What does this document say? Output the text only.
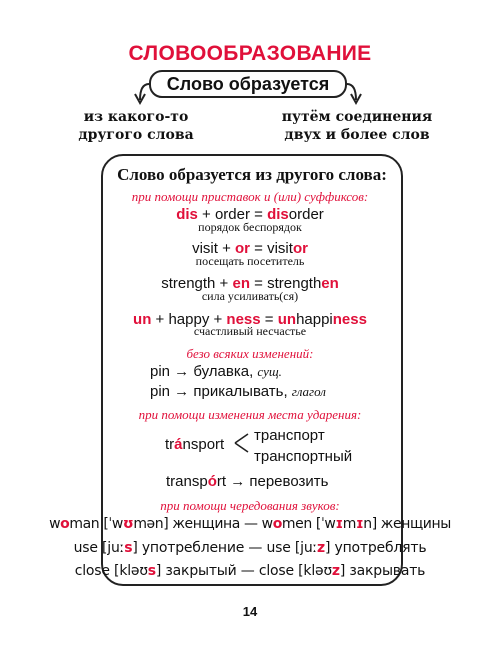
СЛОВООБРАЗОВАНИЕ
Слово образуется
из какого-то
другого слова
путём соединения
двух и более слов
Слово образуется из другого слова:
при помощи приставок и (или) суффиксов:
dis + order = disorder
порядок беспорядок
visit + or = visitor
посещать посетитель
strength + en = strengthen
сила усиливать(ся)
un + happy + ness = unhappiness
счастливый несчастье
безо всяких изменений:
pin → булавка, сущ.
pin → прикалывать, глагол
при помощи изменения места ударения:
tránsport
транспорт
транспортный
transpórt → перевозить
при помощи чередования звуков:
woman [ˈwʊmən] женщина — women [ˈwɪmɪn] женщины
use [juːs] употребление — use [juːz] употреблять
close [kləʊs] закрытый — close [kləʊz] закрывать
14
